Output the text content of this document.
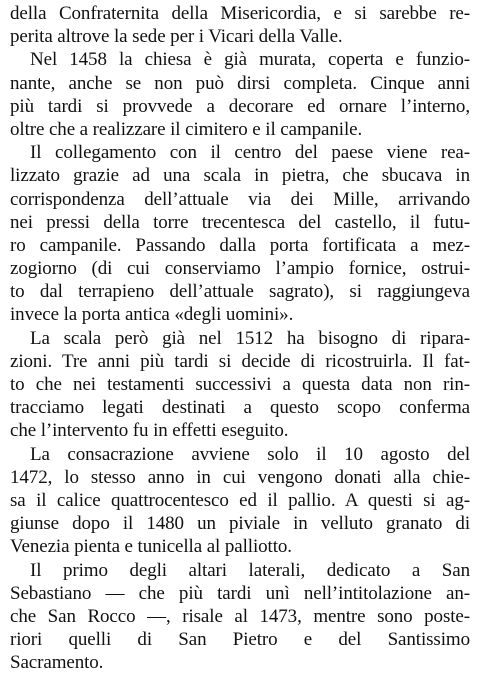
della Confraternita della Misericordia, e si sarebbe re-
perita altrove la sede per i Vicari della Valle.
Nel 1458 la chiesa è già murata, coperta e funzio-
nante, anche se non può dirsi completa. Cinque anni
più tardi si provvede a decorare ed ornare l’interno,
oltre che a realizzare il cimitero e il campanile.
Il collegamento con il centro del paese viene rea-
lizzato grazie ad una scala in pietra, che sbucava in
corrispondenza dell’attuale via dei Mille, arrivando
nei pressi della torre trecentesca del castello, il futu-
ro campanile. Passando dalla porta fortificata a mez-
zogiorno (di cui conserviamo l’ampio fornice, ostrui-
to dal terrapieno dell’attuale sagrato), si raggiungeva
invece la porta antica «degli uomini».
La scala però già nel 1512 ha bisogno di ripara-
zioni. Tre anni più tardi si decide di ricostruirla. Il fat-
to che nei testamenti successivi a questa data non rin-
tracciamo legati destinati a questo scopo conferma
che l’intervento fu in effetti eseguito.
La consacrazione avviene solo il 10 agosto del
1472, lo stesso anno in cui vengono donati alla chie-
sa il calice quattrocentesco ed il pallio. A questi si ag-
giunse dopo il 1480 un piviale in velluto granato di
Venezia pienta e tunicella al palliotto.
Il primo degli altari laterali, dedicato a San
Sebastiano — che più tardi unì nell’intitolazione an-
che San Rocco —, risale al 1473, mentre sono poste-
riori quelli di San Pietro e del Santissimo
Sacramento.
